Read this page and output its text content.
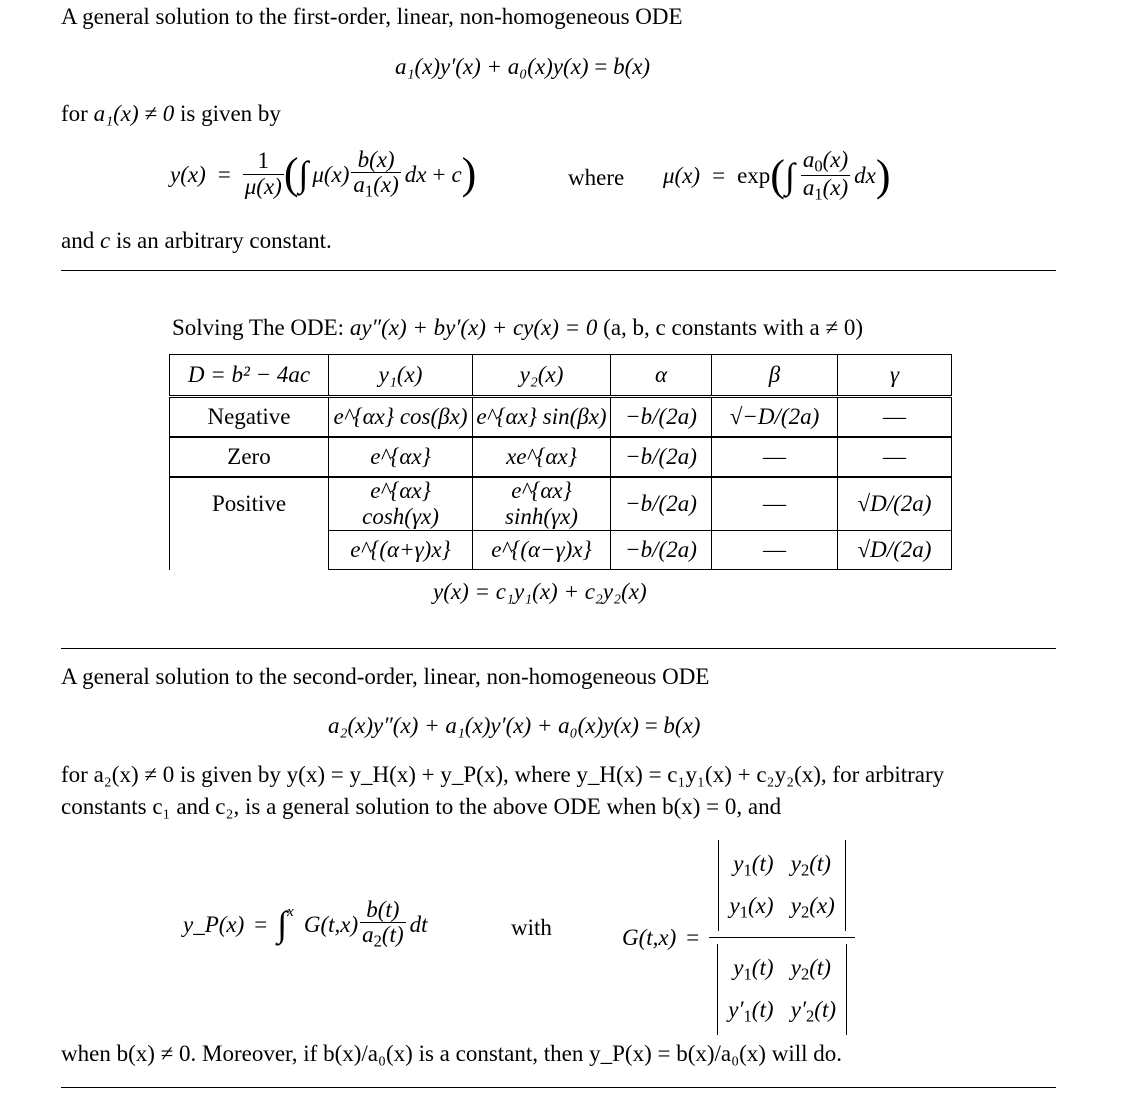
A general solution to the first-order, linear, non-homogeneous ODE
a₁(x)y′(x) + a₀(x)y(x) = b(x)
for a₁(x) ≠ 0 is given by
$y(x) = \frac{1}{\mu(x)}$ ( ∫ $\mu(x) \frac{b(x)}{a_1(x)}$ dx + c )	where μ(x) = exp ( ∫ $\frac{a_0(x)}{a_1(x)}$ dx )
and c is an arbitrary constant.
Solving The ODE: ay″(x) + by′(x) + cy(x) = 0 (a, b, c constants with a ≠ 0)
D = b² − 4ac	y₁(x)	y₂(x)	α	β	γ
Negative	e^{αx} cos(βx)	e^{αx} sin(βx)	−b/(2a)	√−D/(2a)	—
Zero	e^{αx}	xe^{αx}	−b/(2a)	—	—
Positive	e^{αx} cosh(γx)	e^{αx} sinh(γx)	−b/(2a)	—	√D/(2a)
	e^{(α+γ)x}	e^{(α−γ)x}	−b/(2a)	—	√D/(2a)
y(x) = c₁y₁(x) + c₂y₂(x)
A general solution to the second-order, linear, non-homogeneous ODE
a₂(x)y″(x) + a₁(x)y′(x) + a₀(x)y(x) = b(x)
for a₂(x) ≠ 0 is given by y(x) = y_H(x) + y_P(x), where y_H(x) = c₁y₁(x) + c₂y₂(x), for arbitrary
constants c₁ and c₂, is a general solution to the above ODE when b(x) = 0, and
y_P(x) = ∫ x $G(t,x) \frac{b(t)}{a_2(t)}$ dt	with	$G(t,x) = y_1(t)$   $y_2(t)$
$y_1(x)$   $y_2(x)$
$y_1(t)$   $y_2(t)$
$y'_1(t)$   $y'_2(t)$
when b(x) ≠ 0. Moreover, if b(x)/a₀(x) is a constant, then y_P(x) = b(x)/a₀(x) will do.
